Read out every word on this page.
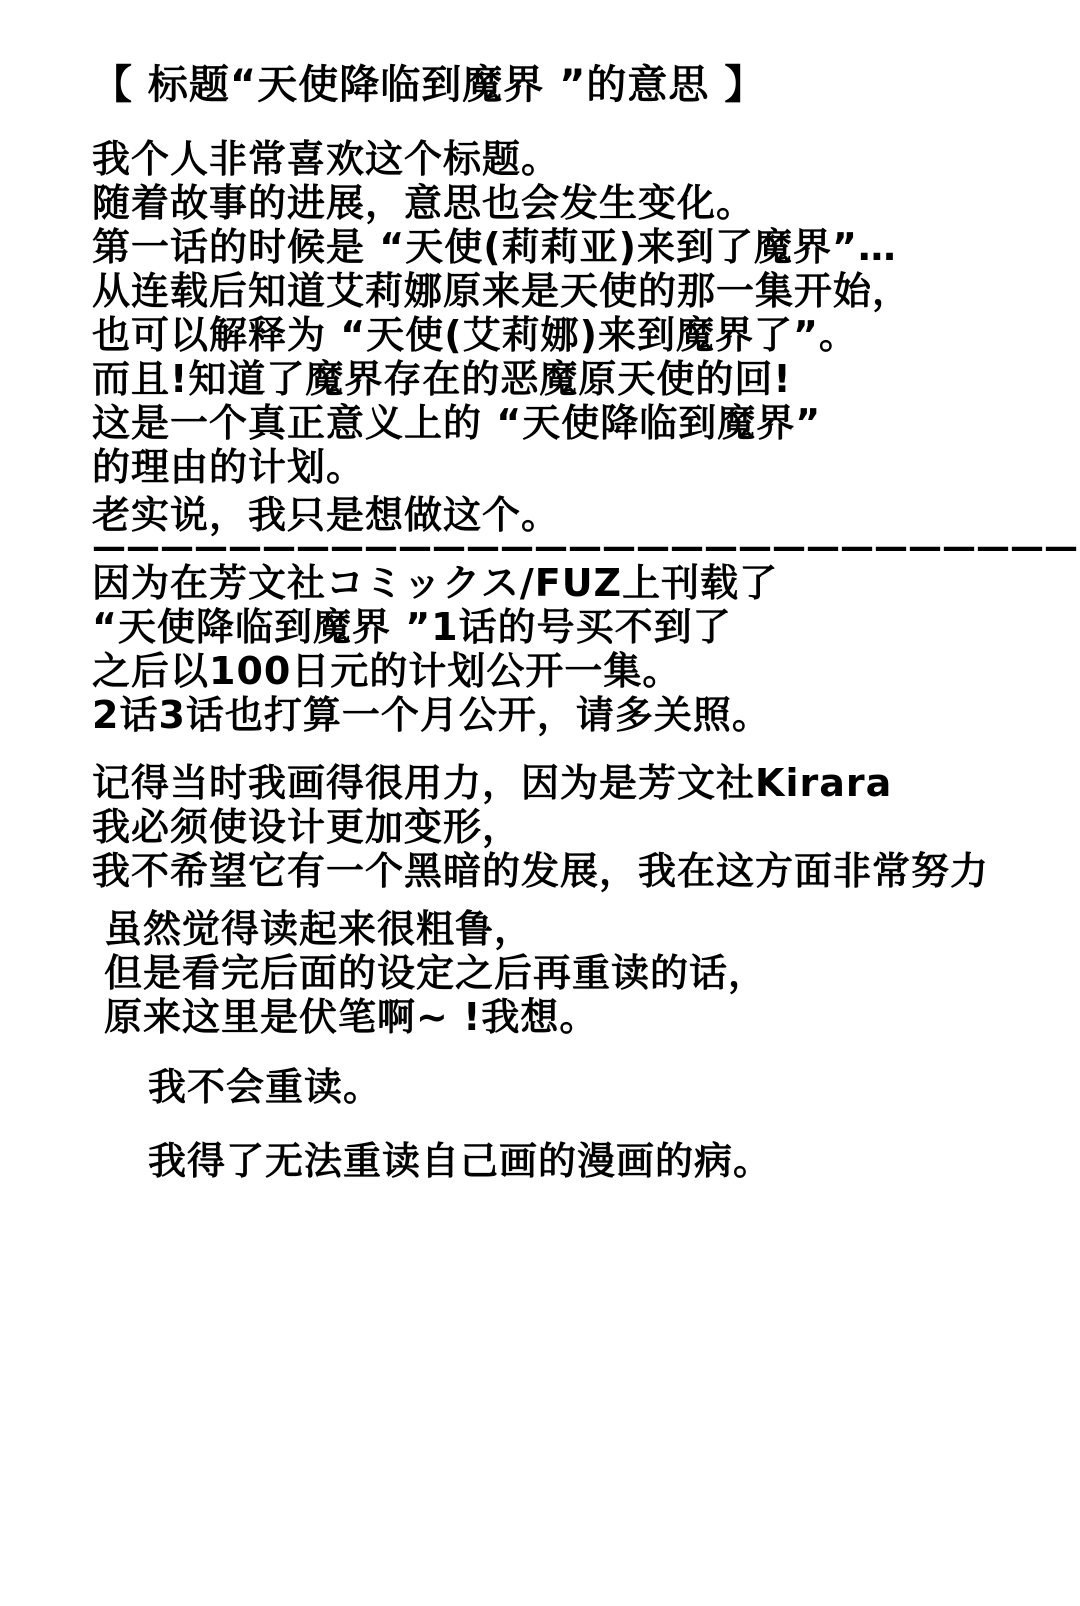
【 标题“天使降临到魔界 ”的意思 】
我个人非常喜欢这个标题。
随着故事的进展，意思也会发生变化。
第一话的时候是 “天使(莉莉亚)来到了魔界”…
从连载后知道艾莉娜原来是天使的那一集开始，
也可以解释为 “天使(艾莉娜)来到魔界了”。
而且!知道了魔界存在的恶魔原天使的回!
这是一个真正意义上的 “天使降临到魔界”
的理由的计划。
老实说，我只是想做这个。
—————————————————————————————
因为在芳文社コミックス/FUZ上刊载了
“天使降临到魔界 ”1话的号买不到了
之后以100日元的计划公开一集。
2话3话也打算一个月公开，请多关照。
记得当时我画得很用力，因为是芳文社Kirara
我必须使设计更加变形，
我不希望它有一个黑暗的发展，我在这方面非常努力
虽然觉得读起来很粗鲁，
但是看完后面的设定之后再重读的话，
原来这里是伏笔啊~ !我想。
我不会重读。
我得了无法重读自己画的漫画的病。
